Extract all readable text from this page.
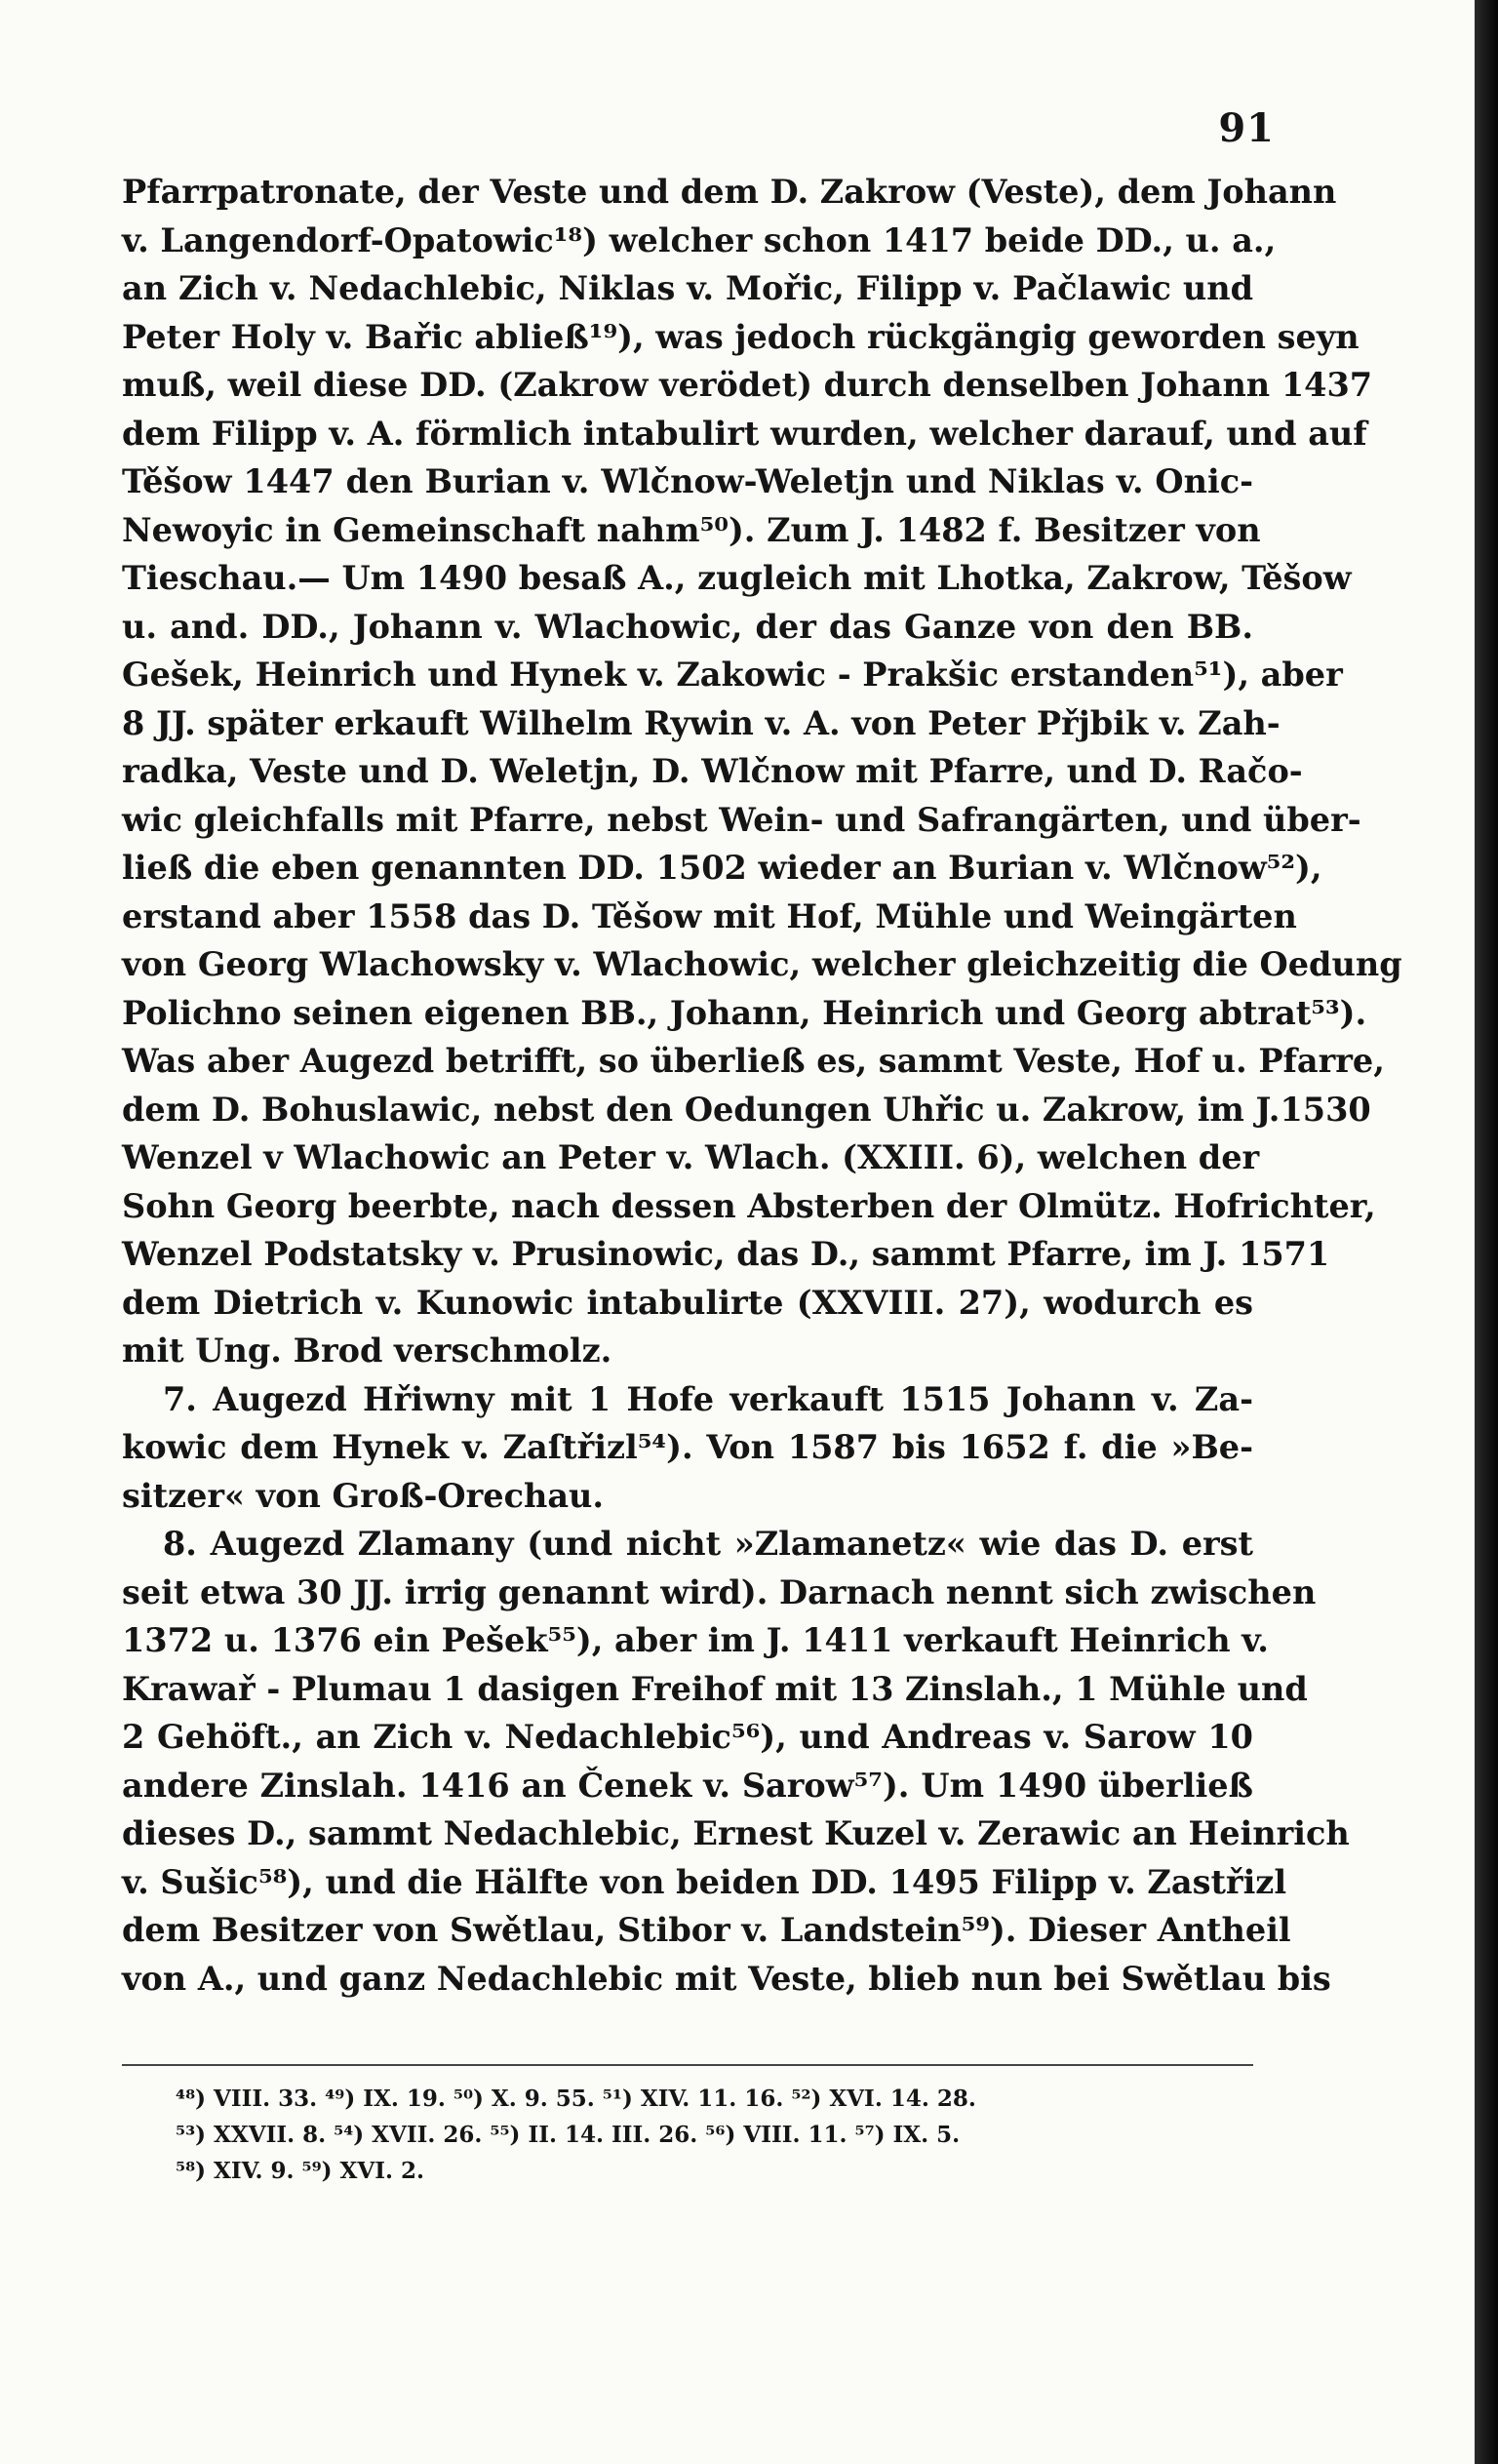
91
Pfarrpatronate, der Veste und dem D. Zakrow (Veste), dem Johann
v. Langendorf-Opatowic¹⁸) welcher schon 1417 beide DD., u. a.,
an Zich v. Nedachlebic, Niklas v. Mořic, Filipp v. Pačlawic und
Peter Holy v. Bařic abließ¹⁹), was jedoch rückgängig geworden seyn
muß, weil diese DD. (Zakrow verödet) durch denselben Johann 1437
dem Filipp v. A. förmlich intabulirt wurden, welcher darauf, und auf
Těšow 1447 den Burian v. Wlčnow-Weletjn und Niklas v. Onic-
Newoyic in Gemeinschaft nahm⁵⁰). Zum J. 1482 f. Besitzer von
Tieschau.— Um 1490 besaß A., zugleich mit Lhotka, Zakrow, Těšow
u. and. DD., Johann v. Wlachowic, der das Ganze von den BB.
Gešek, Heinrich und Hynek v. Zakowic - Prakšic erstanden⁵¹), aber
8 JJ. später erkauft Wilhelm Rywin v. A. von Peter Přjbik v. Zah-
radka, Veste und D. Weletjn, D. Wlčnow mit Pfarre, und D. Račo-
wic gleichfalls mit Pfarre, nebst Wein- und Safrangärten, und über-
ließ die eben genannten DD. 1502 wieder an Burian v. Wlčnow⁵²),
erstand aber 1558 das D. Těšow mit Hof, Mühle und Weingärten
von Georg Wlachowsky v. Wlachowic, welcher gleichzeitig die Oedung
Polichno seinen eigenen BB., Johann, Heinrich und Georg abtrat⁵³).
Was aber Augezd betrifft, so überließ es, sammt Veste, Hof u. Pfarre,
dem D. Bohuslawic, nebst den Oedungen Uhřic u. Zakrow, im J.1530
Wenzel v Wlachowic an Peter v. Wlach. (XXIII. 6), welchen der
Sohn Georg beerbte, nach dessen Absterben der Olmütz. Hofrichter,
Wenzel Podstatsky v. Prusinowic, das D., sammt Pfarre, im J. 1571
dem Dietrich v. Kunowic intabulirte (XXVIII. 27), wodurch es
mit Ung. Brod verschmolz.
7. Augezd Hřiwny mit 1 Hofe verkauft 1515 Johann v. Za-
kowic dem Hynek v. Zaſtřizl⁵⁴). Von 1587 bis 1652 f. die »Be-
sitzer« von Groß-Orechau.
8. Augezd Zlamany (und nicht »Zlamanetz« wie das D. erst
seit etwa 30 JJ. irrig genannt wird). Darnach nennt sich zwischen
1372 u. 1376 ein Pešek⁵⁵), aber im J. 1411 verkauft Heinrich v.
Krawař - Plumau 1 dasigen Freihof mit 13 Zinslah., 1 Mühle und
2 Gehöft., an Zich v. Nedachlebic⁵⁶), und Andreas v. Sarow 10
andere Zinslah. 1416 an Čenek v. Sarow⁵⁷). Um 1490 überließ
dieses D., sammt Nedachlebic, Ernest Kuzel v. Zerawic an Heinrich
v. Sušic⁵⁸), und die Hälfte von beiden DD. 1495 Filipp v. Zastřizl
dem Besitzer von Swětlau, Stibor v. Landstein⁵⁹). Dieser Antheil
von A., und ganz Nedachlebic mit Veste, blieb nun bei Swětlau bis
⁴⁸) VIII. 33. ⁴⁹) IX. 19. ⁵⁰) X. 9. 55. ⁵¹) XIV. 11. 16. ⁵²) XVI. 14. 28.
⁵³) XXVII. 8. ⁵⁴) XVII. 26. ⁵⁵) II. 14. III. 26. ⁵⁶) VIII. 11. ⁵⁷) IX. 5.
⁵⁸) XIV. 9. ⁵⁹) XVI. 2.
